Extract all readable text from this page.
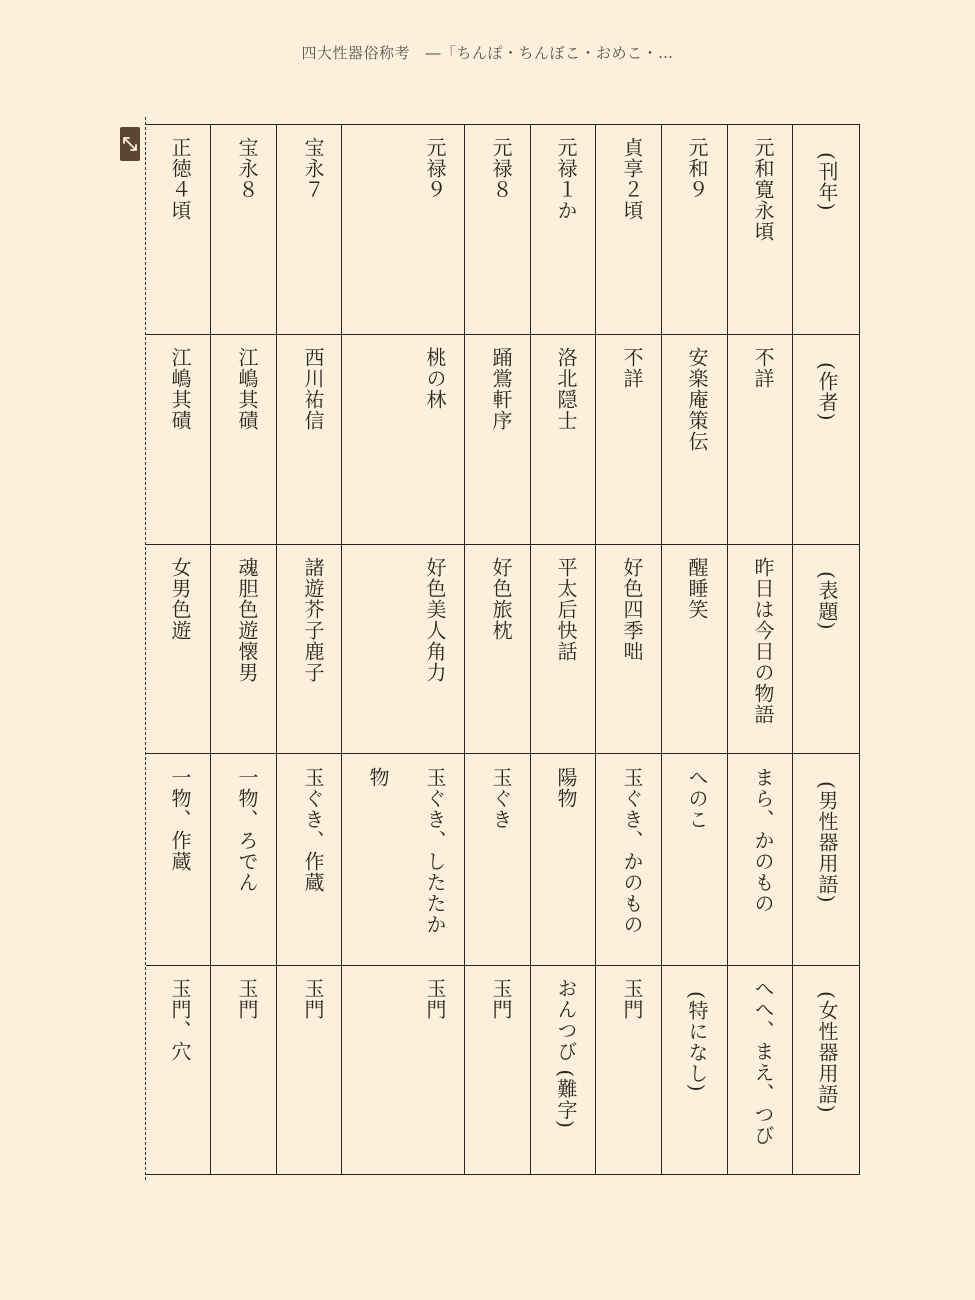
四大性器俗称考　―「ちんぽ・ちんぼこ・おめこ・…
(刊年)
(作者)
(表題)
(男性器用語)
(女性器用語)
元和寛永頃
不詳
昨日は今日の物語
まら、かのもの
へへ、まえ、つび
元和９
安楽庵策伝
醒睡笑
へのこ
(特になし)
貞享２頃
不詳
好色四季咄
玉ぐき、かのもの
玉門
元禄１か
洛北隠士
平太后快話
陽物
おんつび (難字)
元禄８
踊鴬軒序
好色旅枕
玉ぐき
玉門
元禄９
桃の林
好色美人角力
玉ぐき、したたか
物
玉門
宝永７
西川祐信
諸遊芥子鹿子
玉ぐき、作蔵
玉門
宝永８
江嶋其磧
魂胆色遊懐男
一物、ろでん
玉門
正徳４頃
江嶋其磧
女男色遊
一物、作蔵
玉門、穴
